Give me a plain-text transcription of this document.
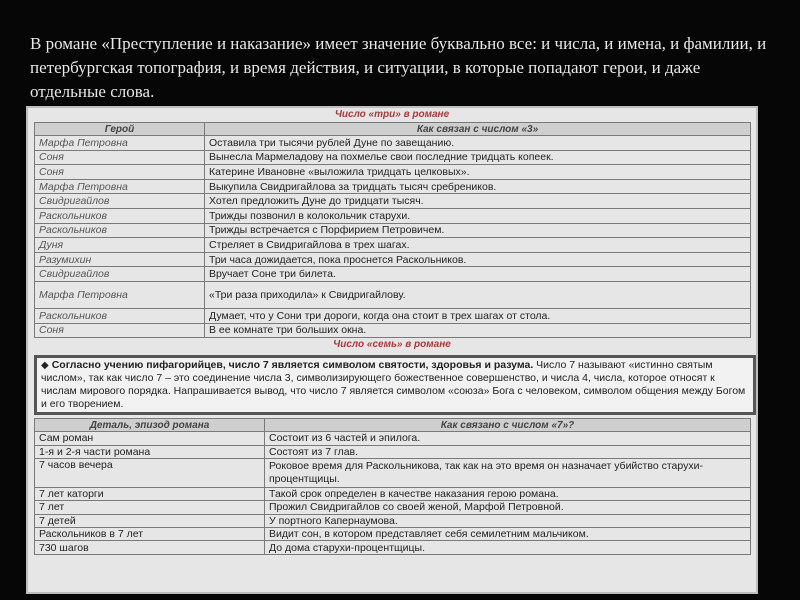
В романе «Преступление и наказание» имеет значение буквально все: и числа, и имена, и фамилии, и петербургская топография, и время действия, и ситуации, в которые попадают герои, и даже отдельные слова.
Число «три» в романе
Герой	Как связан с числом «3»
Марфа Петровна	Оставила три тысячи рублей Дуне по завещанию.
Соня	Вынесла Мармеладову на похмелье свои последние тридцать копеек.
Соня	Катерине Ивановне «выложила тридцать целковых».
Марфа Петровна	Выкупила Свидригайлова за тридцать тысяч сребреников.
Свидригайлов	Хотел предложить Дуне до тридцати тысяч.
Раскольников	Трижды позвонил в колокольчик старухи.
Раскольников	Трижды встречается с Порфирием Петровичем.
Дуня	Стреляет в Свидригайлова в трех шагах.
Разумихин	Три часа дожидается, пока проснется Раскольников.
Свидригайлов	Вручает Соне три билета.
Марфа Петровна	«Три раза приходила» к Свидригайлову.
Раскольников	Думает, что у Сони три дороги, когда она стоит в трех шагах от стола.
Соня	В ее комнате три больших окна.
Число «семь» в романе
◆ Согласно учению пифагорийцев, число 7 является символом святости, здоровья и разума. Число 7 называют «истинно святым числом», так как число 7 – это соединение числа 3, символизирующего божественное совершенство, и числа 4, числа, которое относят к числам мирового порядка. Напрашивается вывод, что число 7 является символом «союза» Бога с человеком, символом общения между Богом и его творением.
Деталь, эпизод романа	Как связано с числом «7»?
Сам роман	Состоит из 6 частей и эпилога.
1-я и 2-я части романа	Состоят из 7 глав.
7 часов вечера	Роковое время для Раскольникова, так как на это время он назначает убийство старухи-процентщицы.
7 лет каторги	Такой срок определен в качестве наказания герою романа.
7 лет	Прожил Свидригайлов со своей женой, Марфой Петровной.
7 детей	У портного Капернаумова.
Раскольников в 7 лет	Видит сон, в котором представляет себя семилетним мальчиком.
730 шагов	До дома старухи-процентщицы.
